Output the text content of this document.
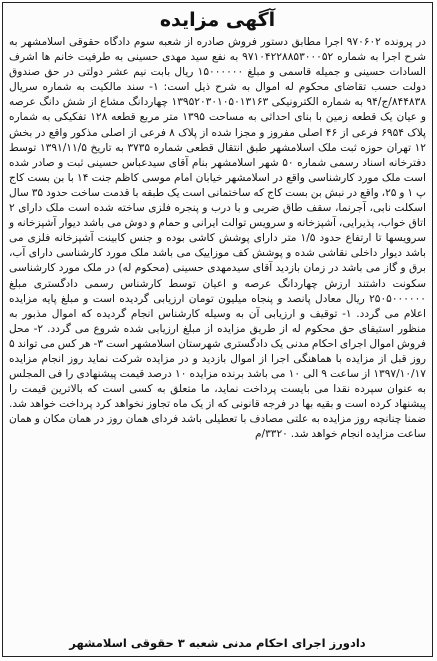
آگهی مزایده

در پرونده ۹۷۰۶۰۲ اجرا مطابق دستور فروش صادره از شعبه سوم دادگاه حقوقی اسلامشهر به شرح اجرا به شماره ۹۷۱۰۴۲۲۸۸۵۳۰۰۰۵۲ به نفع سید مهدی حسینی به طرفیت خانم ها اشرف السادات حسینی و جمیله قاسمی و مبلغ ۱۵۰۰۰۰۰۰ ریال بابت نیم عشر دولتی در حق صندوق دولت حسب تقاضای محکوم له اموال به شرح ذیل است: ۱- سند مالکیت به شماره سریال ۸۴۴۸۳۸/ج/۹۴ به شماره الکترونیکی ۱۳۹۵۲۰۳۰۱۰۵۰۱۳۱۶۳ چهاردانگ مشاع از شش دانگ عرصه و عیان یک قطعه زمین با بنای احداثی به مساحت ۱۳۹۵ متر مربع قطعه ۱۲۸ تفکیکی به شماره پلاک ۶۹۵۴ فرعی از ۴۶ اصلی مفروز و مجزا شده از پلاک ۸ فرعی از اصلی مذکور واقع در بخش ۱۲ تهران حوزه ثبت ملک اسلامشهر طبق انتقال قطعی شماره ۳۷۳۵ به تاریخ ۱۳۹۱/۱۱/۵ توسط دفترخانه اسناد رسمی شماره ۵۰ شهر اسلامشهر بنام آقای سیدعباس حسینی ثبت و صادر شده است ملک مورد کارشناسی واقع در اسلامشهر خیابان امام موسی کاظم جنت ۱۴ با بن بست کاج پ ۱ و ۲۵، واقع در نبش بن بست کاج که ساختمانی است یک طبقه با قدمت ساخت حدود ۳۵ سال اسکلت نابی، آجرنما، سقف طاق ضربی و با درب و پنجره فلزی ساخته شده است ملک دارای ۲ اتاق خواب، پذیرایی، آشپزخانه و سرویس توالت ایرانی و حمام و دوش می باشد دیوار آشپزخانه و سرویسها تا ارتفاع حدود ۱/۵ متر دارای پوشش کاشی بوده و جنس کابینت آشپزخانه فلزی می باشد دیوار داخلی نقاشی شده و پوشش کف موزاییک می باشد ملک مورد کارشناسی دارای آب، برق و گاز می باشد در زمان بازدید آقای سیدمهدی حسینی (محکوم له) در ملک مورد کارشناسی سکونت داشتند ارزش چهاردانگ عرصه و اعیان توسط کارشناس رسمی دادگستری مبلغ ۲۵۰۵۰۰۰۰۰۰ ریال معادل پانصد و پنجاه میلیون تومان ارزیابی گردیده است و مبلغ پایه مزایده اعلام می گردد. ۱- توقیف و ارزیابی آن به وسیله کارشناس انجام گردیده که اموال مذبور به منظور استیفای حق محکوم له از طریق مزایده از مبلغ ارزیابی شده شروع می گردد. ۲- محل فروش اموال اجرای احکام مدنی یک دادگستری شهرستان اسلامشهر است ۳- هر کس می تواند ۵ روز قبل از مزایده با هماهنگی اجرا از اموال بازدید و در مزایده شرکت نماید روز انجام مزایده ۱۳۹۷/۱۰/۱۷ از ساعت ۹ الی ۱۰ می باشد برنده مزایده ۱۰ درصد قیمت پیشنهادی را فی المجلس به عنوان سپرده نقدا می بایست پرداخت نماید، ما متعلق به کسی است که بالاترین قیمت را پیشنهاد کرده است و بقیه بها در فرجه قانونی که از یک ماه تجاوز نخواهد کرد پرداخت خواهد شد. ضمنا چنانچه روز مزایده به علتی مصادف با تعطیلی باشد فردای همان روز در همان مکان و همان ساعت مزایده انجام خواهد شد. ۳۳۲۰/م

دادورز اجرای احکام مدنی شعبه ۳ حقوقی اسلامشهر
